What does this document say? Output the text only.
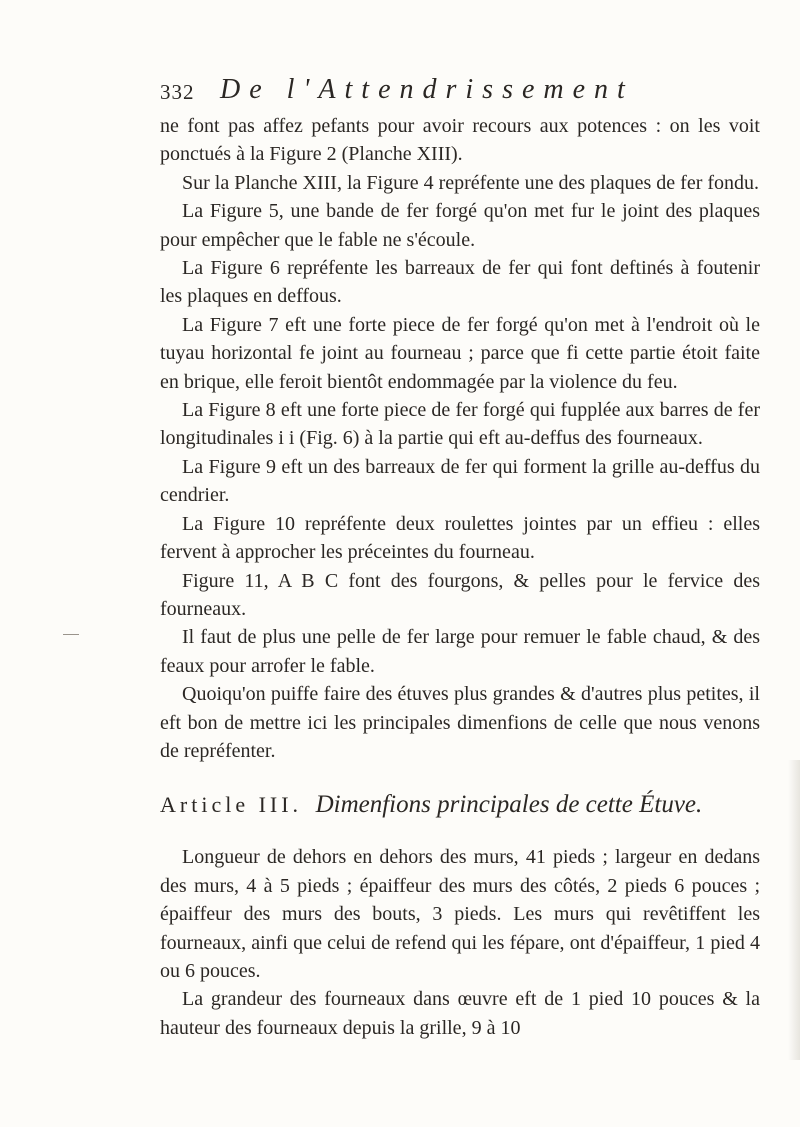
332 De l'Attendrissement

ne font pas affez pefants pour avoir recours aux potences : on les voit ponctués à la Figure 2 (Planche XIII).

Sur la Planche XIII, la Figure 4 repréfente une des plaques de fer fondu.

La Figure 5, une bande de fer forgé qu'on met fur le joint des plaques pour empêcher que le fable ne s'écoule.

La Figure 6 repréfente les barreaux de fer qui font deftinés à foutenir les plaques en deffous.

La Figure 7 eft une forte piece de fer forgé qu'on met à l'endroit où le tuyau horizontal fe joint au fourneau ; parce que fi cette partie étoit faite en brique, elle feroit bientôt endommagée par la violence du feu.

La Figure 8 eft une forte piece de fer forgé qui fupplée aux barres de fer longitudinales i i (Fig. 6) à la partie qui eft au-deffus des fourneaux.

La Figure 9 eft un des barreaux de fer qui forment la grille au-deffus du cendrier.

La Figure 10 repréfente deux roulettes jointes par un effieu : elles fervent à approcher les préceintes du fourneau.

Figure 11, A B C font des fourgons, & pelles pour le fervice des fourneaux.

Il faut de plus une pelle de fer large pour remuer le fable chaud, & des feaux pour arrofer le fable.

Quoiqu'on puiffe faire des étuves plus grandes & d'autres plus petites, il eft bon de mettre ici les principales dimenfions de celle que nous venons de repréfenter.

Article III. Dimenfions principales de cette Étuve.

Longueur de dehors en dehors des murs, 41 pieds ; largeur en dedans des murs, 4 à 5 pieds ; épaiffeur des murs des côtés, 2 pieds 6 pouces ; épaiffeur des murs des bouts, 3 pieds. Les murs qui revêtiffent les fourneaux, ainfi que celui de refend qui les fépare, ont d'épaiffeur, 1 pied 4 ou 6 pouces.

La grandeur des fourneaux dans œuvre eft de 1 pied 10 pouces & la hauteur des fourneaux depuis la grille, 9 à 10
